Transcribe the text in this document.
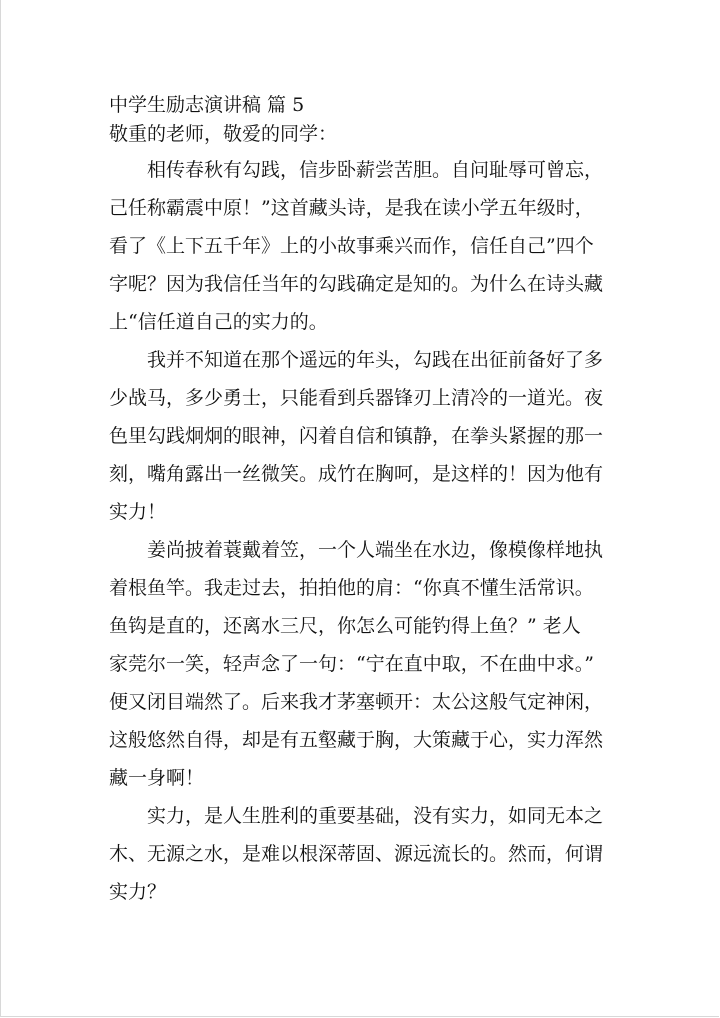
中学生励志演讲稿 篇 5

敬重的老师，敬爱的同学：

相传春秋有勾践，信步卧薪尝苦胆。自问耻辱可曾忘，

己任称霸震中原！”这首藏头诗，是我在读小学五年级时，

看了《上下五千年》上的小故事乘兴而作，信任自己”四个

字呢？因为我信任当年的勾践确定是知的。为什么在诗头藏

上“信任道自己的实力的。

我并不知道在那个遥远的年头，勾践在出征前备好了多

少战马，多少勇士，只能看到兵器锋刃上清冷的一道光。夜

色里勾践炯炯的眼神，闪着自信和镇静，在拳头紧握的那一

刻，嘴角露出一丝微笑。成竹在胸呵，是这样的！因为他有

实力！

姜尚披着蓑戴着笠，一个人端坐在水边，像模像样地执

着根鱼竿。我走过去，拍拍他的肩：“你真不懂生活常识。

鱼钩是直的，还离水三尺，你怎么可能钓得上鱼？” 老人

家莞尔一笑，轻声念了一句：“宁在直中取，不在曲中求。”

便又闭目端然了。后来我才茅塞顿开：太公这般气定神闲，

这般悠然自得，却是有五壑藏于胸，大策藏于心，实力浑然

藏一身啊！

实力，是人生胜利的重要基础，没有实力，如同无本之

木、无源之水，是难以根深蒂固、源远流长的。然而，何谓

实力？
